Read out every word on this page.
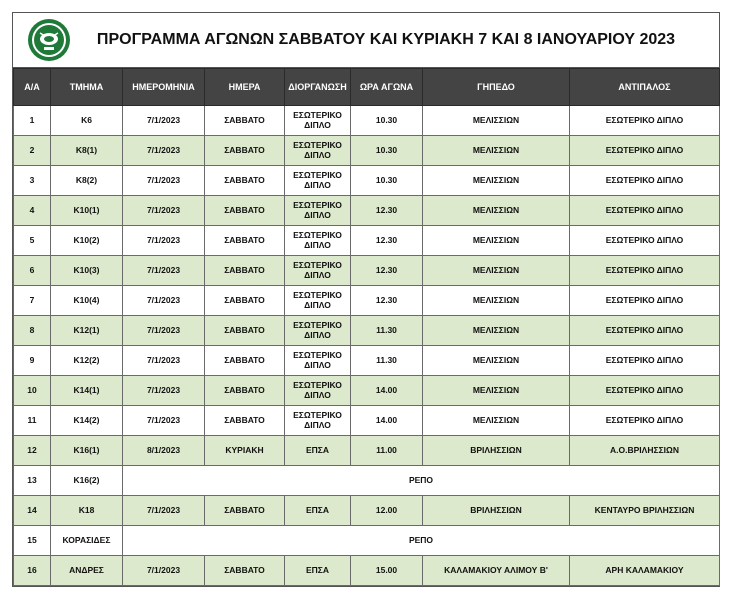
ΠΡΟΓΡΑΜΜΑ ΑΓΩΝΩΝ ΣΑΒΒΑΤΟΥ ΚΑΙ ΚΥΡΙΑΚΗ 7 ΚΑΙ 8 ΙΑΝΟΥΑΡΙΟΥ 2023
Α/Α	ΤΜΗΜΑ	ΗΜΕΡΟΜΗΝΙΑ	ΗΜΕΡΑ	ΔΙΟΡΓΑΝΩΣΗ	ΩΡΑ ΑΓΩΝΑ	ΓΗΠΕΔΟ	ΑΝΤΙΠΑΛΟΣ
1	Κ6	7/1/2023	ΣΑΒΒΑΤΟ	ΕΣΩΤΕΡΙΚΟ ΔΙΠΛΟ	10.30	ΜΕΛΙΣΣΙΩΝ	ΕΣΩΤΕΡΙΚΟ ΔΙΠΛΟ
2	Κ8(1)	7/1/2023	ΣΑΒΒΑΤΟ	ΕΣΩΤΕΡΙΚΟ ΔΙΠΛΟ	10.30	ΜΕΛΙΣΣΙΩΝ	ΕΣΩΤΕΡΙΚΟ ΔΙΠΛΟ
3	Κ8(2)	7/1/2023	ΣΑΒΒΑΤΟ	ΕΣΩΤΕΡΙΚΟ ΔΙΠΛΟ	10.30	ΜΕΛΙΣΣΙΩΝ	ΕΣΩΤΕΡΙΚΟ ΔΙΠΛΟ
4	Κ10(1)	7/1/2023	ΣΑΒΒΑΤΟ	ΕΣΩΤΕΡΙΚΟ ΔΙΠΛΟ	12.30	ΜΕΛΙΣΣΙΩΝ	ΕΣΩΤΕΡΙΚΟ ΔΙΠΛΟ
5	Κ10(2)	7/1/2023	ΣΑΒΒΑΤΟ	ΕΣΩΤΕΡΙΚΟ ΔΙΠΛΟ	12.30	ΜΕΛΙΣΣΙΩΝ	ΕΣΩΤΕΡΙΚΟ ΔΙΠΛΟ
6	Κ10(3)	7/1/2023	ΣΑΒΒΑΤΟ	ΕΣΩΤΕΡΙΚΟ ΔΙΠΛΟ	12.30	ΜΕΛΙΣΣΙΩΝ	ΕΣΩΤΕΡΙΚΟ ΔΙΠΛΟ
7	Κ10(4)	7/1/2023	ΣΑΒΒΑΤΟ	ΕΣΩΤΕΡΙΚΟ ΔΙΠΛΟ	12.30	ΜΕΛΙΣΣΙΩΝ	ΕΣΩΤΕΡΙΚΟ ΔΙΠΛΟ
8	Κ12(1)	7/1/2023	ΣΑΒΒΑΤΟ	ΕΣΩΤΕΡΙΚΟ ΔΙΠΛΟ	11.30	ΜΕΛΙΣΣΙΩΝ	ΕΣΩΤΕΡΙΚΟ ΔΙΠΛΟ
9	Κ12(2)	7/1/2023	ΣΑΒΒΑΤΟ	ΕΣΩΤΕΡΙΚΟ ΔΙΠΛΟ	11.30	ΜΕΛΙΣΣΙΩΝ	ΕΣΩΤΕΡΙΚΟ ΔΙΠΛΟ
10	Κ14(1)	7/1/2023	ΣΑΒΒΑΤΟ	ΕΣΩΤΕΡΙΚΟ ΔΙΠΛΟ	14.00	ΜΕΛΙΣΣΙΩΝ	ΕΣΩΤΕΡΙΚΟ ΔΙΠΛΟ
11	Κ14(2)	7/1/2023	ΣΑΒΒΑΤΟ	ΕΣΩΤΕΡΙΚΟ ΔΙΠΛΟ	14.00	ΜΕΛΙΣΣΙΩΝ	ΕΣΩΤΕΡΙΚΟ ΔΙΠΛΟ
12	Κ16(1)	8/1/2023	ΚΥΡΙΑΚΗ	ΕΠΣΑ	11.00	ΒΡΙΛΗΣΣΙΩΝ	Α.Ο.ΒΡΙΛΗΣΣΙΩΝ
13	Κ16(2)	ΡΕΠΟ					
14	Κ18	7/1/2023	ΣΑΒΒΑΤΟ	ΕΠΣΑ	12.00	ΒΡΙΛΗΣΣΙΩΝ	ΚΕΝΤΑΥΡΟ ΒΡΙΛΗΣΣΙΩΝ
15	ΚΟΡΑΣΙΔΕΣ	ΡΕΠΟ					
16	ΑΝΔΡΕΣ	7/1/2023	ΣΑΒΒΑΤΟ	ΕΠΣΑ	15.00	ΚΑΛΑΜΑΚΙΟΥ ΑΛΙΜΟΥ Β'	ΑΡΗ ΚΑΛΑΜΑΚΙΟΥ
